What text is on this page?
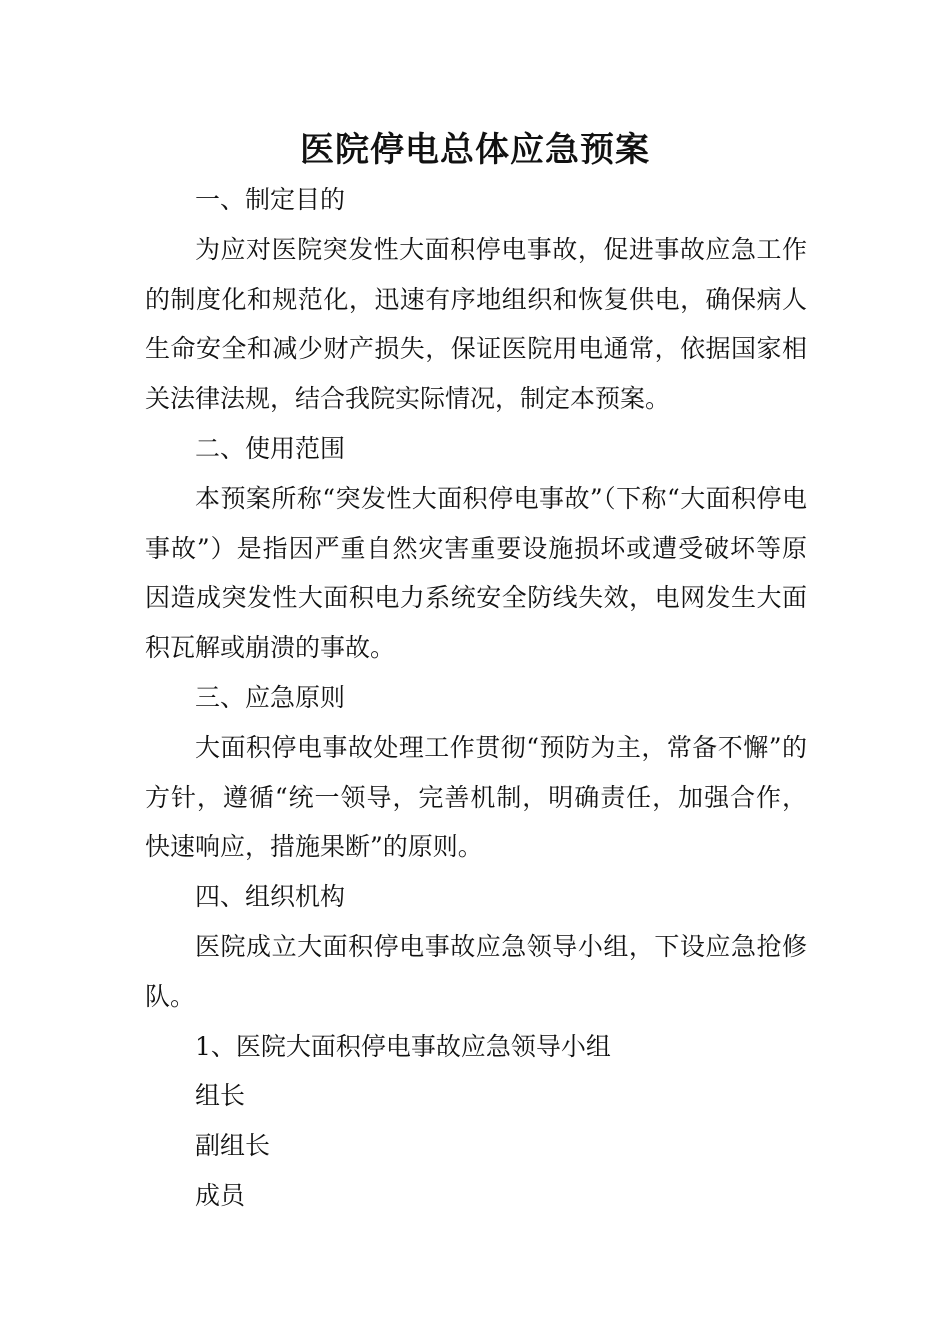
医院停电总体应急预案

一、制定目的

为应对医院突发性大面积停电事故，促进事故应急工作的制度化和规范化，迅速有序地组织和恢复供电，确保病人生命安全和减少财产损失，保证医院用电通常，依据国家相关法律法规，结合我院实际情况，制定本预案。

二、使用范围

本预案所称“突发性大面积停电事故”（下称“大面积停电事故”）是指因严重自然灾害重要设施损坏或遭受破坏等原因造成突发性大面积电力系统安全防线失效，电网发生大面积瓦解或崩溃的事故。

三、应急原则

大面积停电事故处理工作贯彻“预防为主，常备不懈”的方针，遵循“统一领导，完善机制，明确责任，加强合作，快速响应，措施果断”的原则。

四、组织机构

医院成立大面积停电事故应急领导小组，下设应急抢修队。

1、医院大面积停电事故应急领导小组

组长

副组长

成员
